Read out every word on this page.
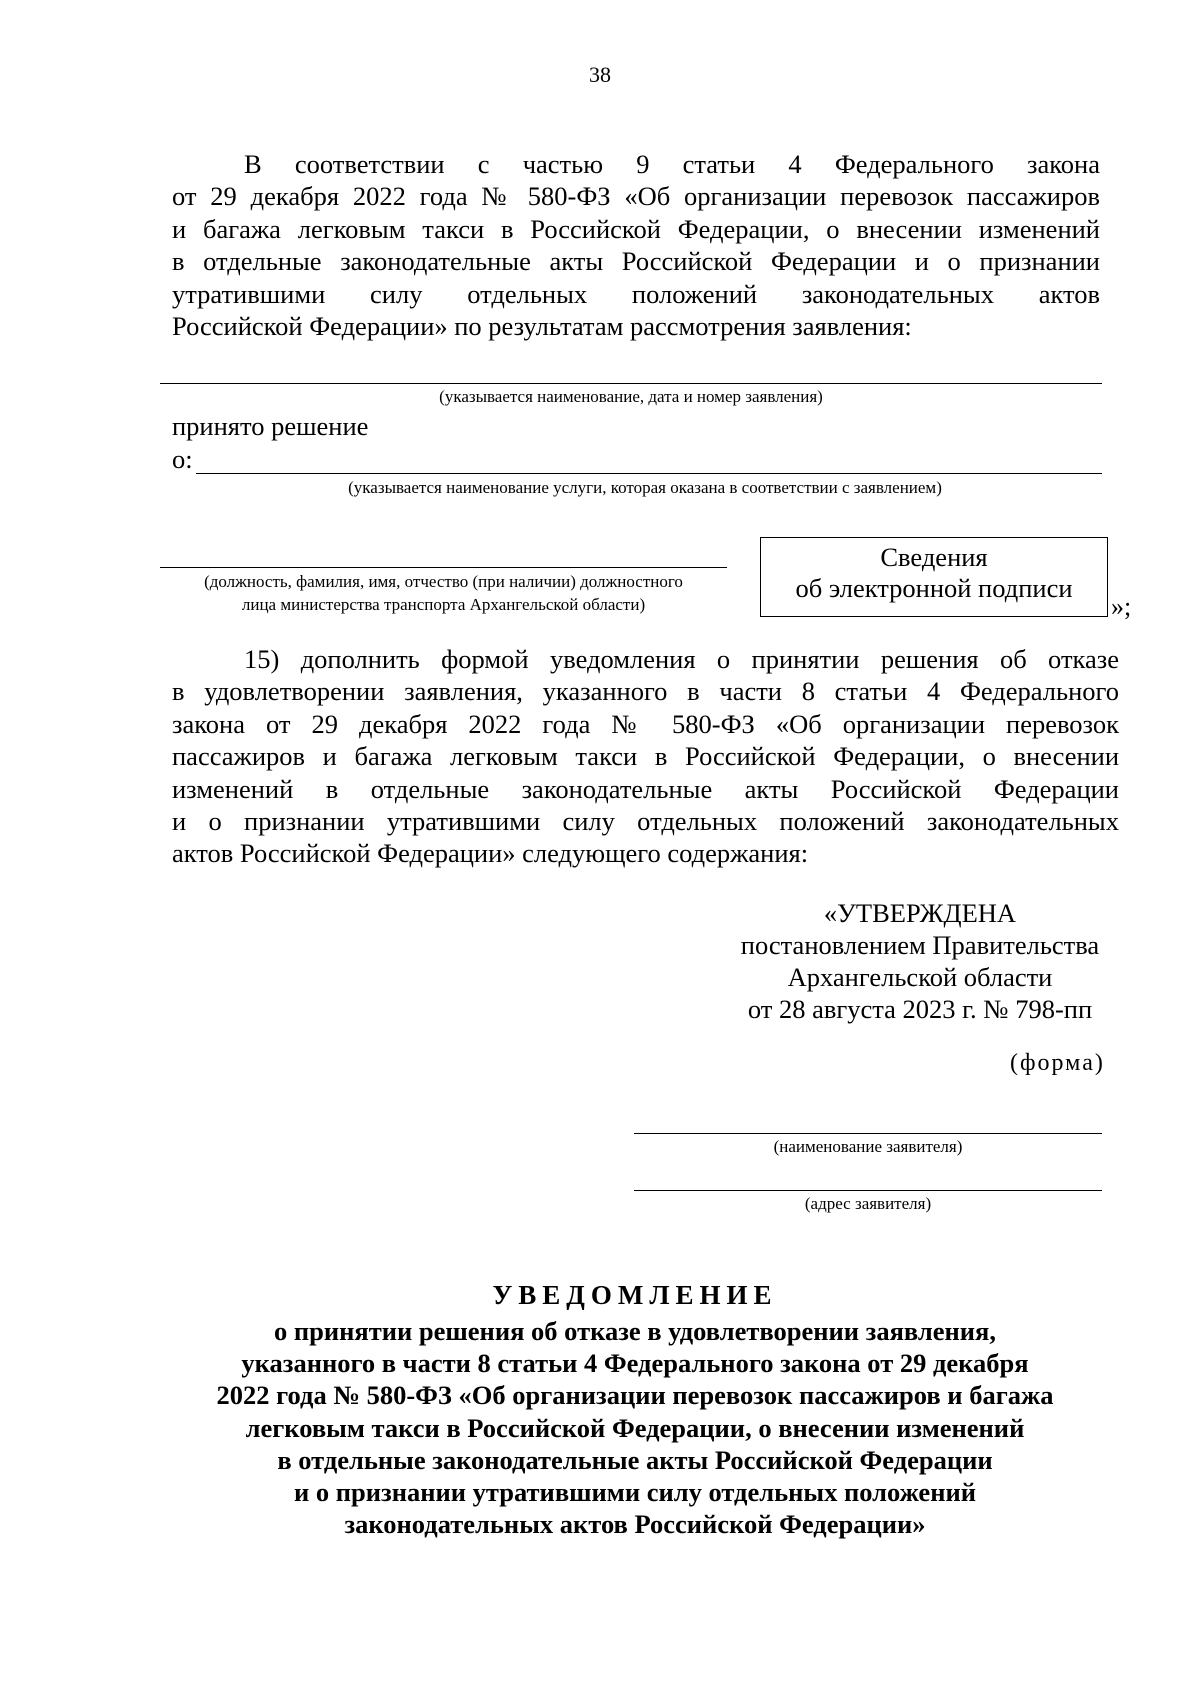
38
В соответствии с частью 9 статьи 4 Федерального закона
от 29 декабря 2022 года № 580-ФЗ «Об организации перевозок пассажиров
и багажа легковым такси в Российской Федерации, о внесении изменений
в отдельные законодательные акты Российской Федерации и о признании
утратившими силу отдельных положений законодательных актов
Российской Федерации» по результатам рассмотрения заявления:
(указывается наименование, дата и номер заявления)
принято решение
о:
(указывается наименование услуги, которая оказана в соответствии с заявлением)
(должность, фамилия, имя, отчество (при наличии) должностного
лица министерства транспорта Архангельской области)
Сведения
об электронной подписи
»;
15) дополнить формой уведомления о принятии решения об отказе
в удовлетворении заявления, указанного в части 8 статьи 4 Федерального
закона от 29 декабря 2022 года № 580-ФЗ «Об организации перевозок
пассажиров и багажа легковым такси в Российской Федерации, о внесении
изменений в отдельные законодательные акты Российской Федерации
и о признании утратившими силу отдельных положений законодательных
актов Российской Федерации» следующего содержания:
«УТВЕРЖДЕНА
постановлением Правительства
Архангельской области
от 28 августа 2023 г. № 798-пп
(форма)
(наименование заявителя)
(адрес заявителя)
УВЕДОМЛЕНИЕ
о принятии решения об отказе в удовлетворении заявления,
указанного в части 8 статьи 4 Федерального закона от 29 декабря
2022 года № 580-ФЗ «Об организации перевозок пассажиров и багажа
легковым такси в Российской Федерации, о внесении изменений
в отдельные законодательные акты Российской Федерации
и о признании утратившими силу отдельных положений
законодательных актов Российской Федерации»
